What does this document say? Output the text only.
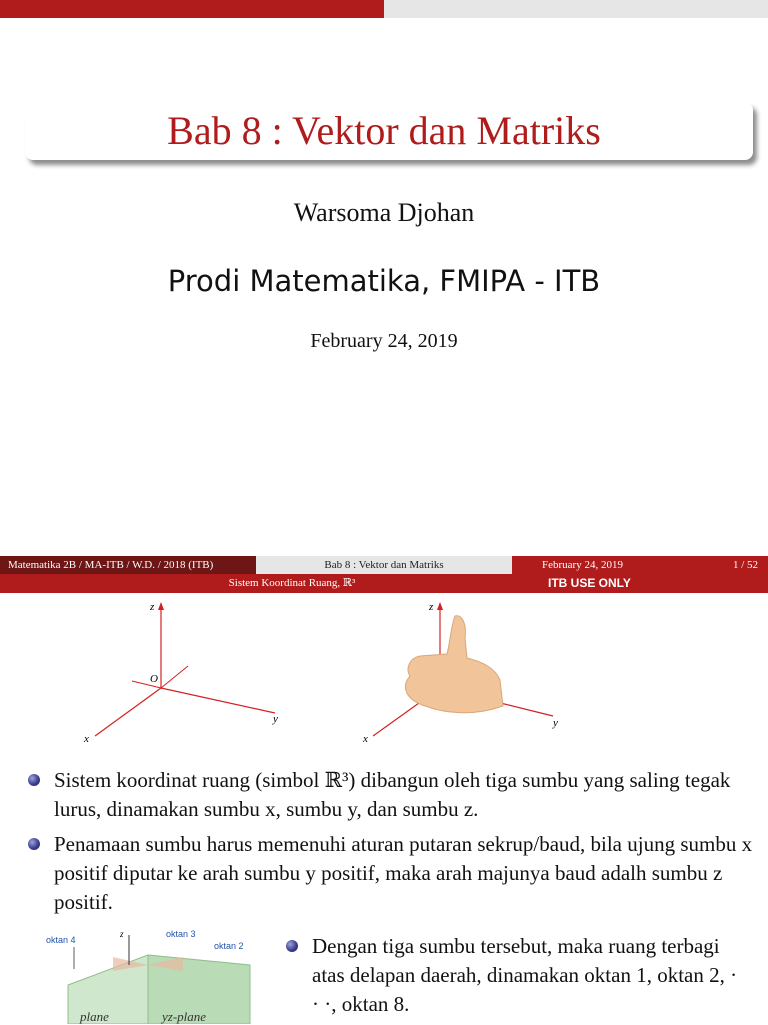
Bab 8 : Vektor dan Matriks
Warsoma Djohan
Prodi Matematika, FMIPA - ITB
February 24, 2019
Matematika 2B / MA-ITB / W.D. / 2018 (ITB)	Bab 8 : Vektor dan Matriks	February 24, 2019	1 / 52
Sistem Koordinat Ruang, ℝ³	ITB USE ONLY
z
y
x
O
z
y
x
Sistem koordinat ruang (simbol ℝ³) dibangun oleh tiga sumbu yang saling tegak lurus, dinamakan sumbu x, sumbu y, dan sumbu z.
Penamaan sumbu harus memenuhi aturan putaran sekrup/baud, bila ujung sumbu x positif diputar ke arah sumbu y positif, maka arah majunya baud adalh sumbu z positif.
oktan 4
z	oktan 3
oktan 2
yz-plane
plane
Dengan tiga sumbu tersebut, maka ruang terbagi atas delapan daerah, dinamakan oktan 1, oktan 2, · · ·, oktan 8.
